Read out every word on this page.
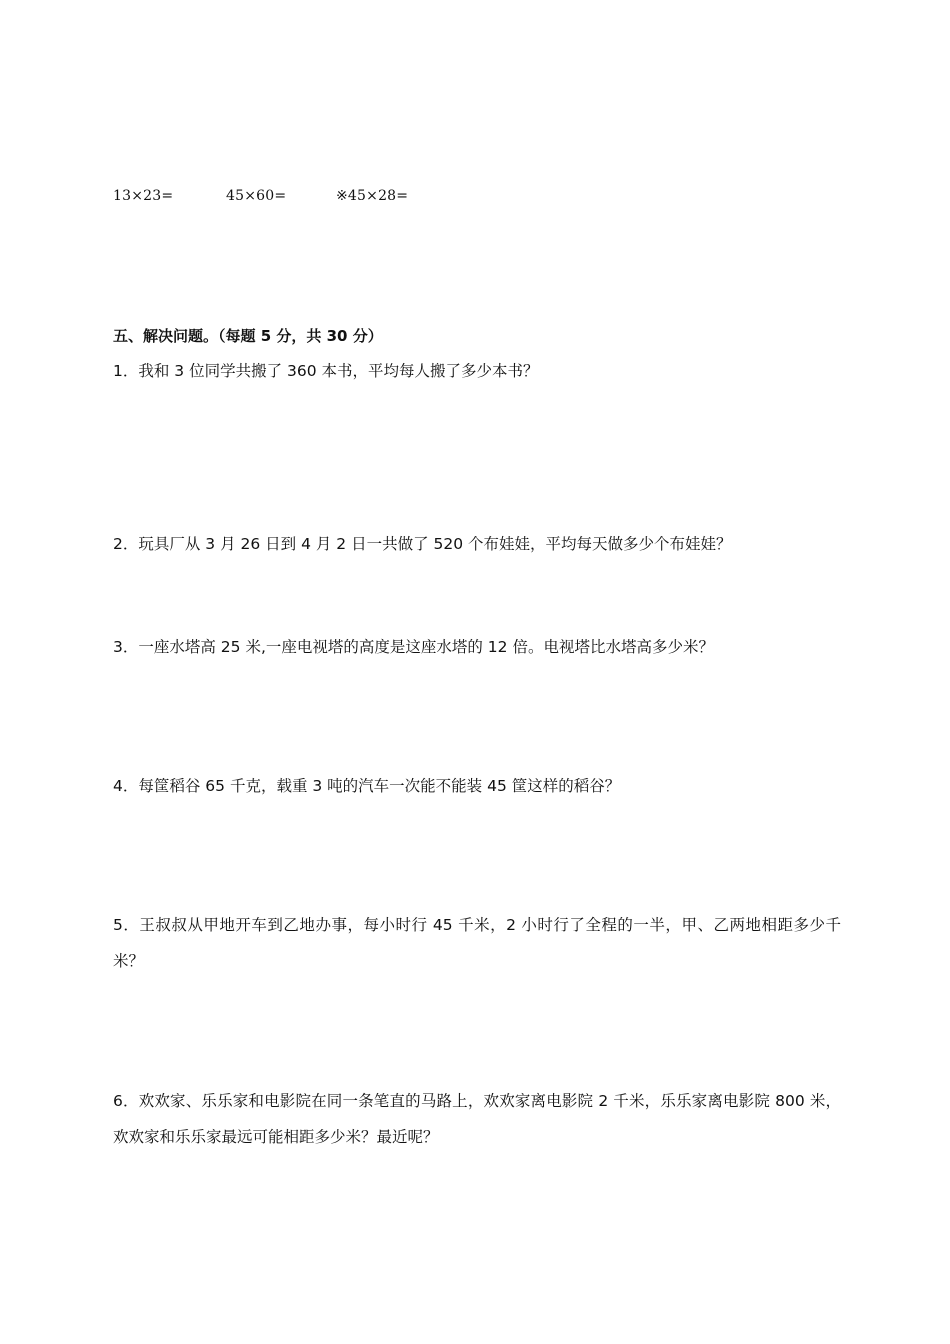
13×23=	45×60=	※45×28=
五、解决问题。（每题 5 分，共 30 分）
1．我和 3 位同学共搬了 360 本书，平均每人搬了多少本书？
2．玩具厂从 3 月 26 日到 4 月 2 日一共做了 520 个布娃娃，平均每天做多少个布娃娃？
3．一座水塔高 25 米,一座电视塔的高度是这座水塔的 12 倍。电视塔比水塔高多少米？
4．每筐稻谷 65 千克，载重 3 吨的汽车一次能不能装 45 筐这样的稻谷？
5．王叔叔从甲地开车到乙地办事，每小时行 45 千米，2 小时行了全程的一半，甲、乙两地相距多少千米？
6．欢欢家、乐乐家和电影院在同一条笔直的马路上，欢欢家离电影院 2 千米，乐乐家离电影院 800 米，欢欢家和乐乐家最远可能相距多少米？最近呢？
